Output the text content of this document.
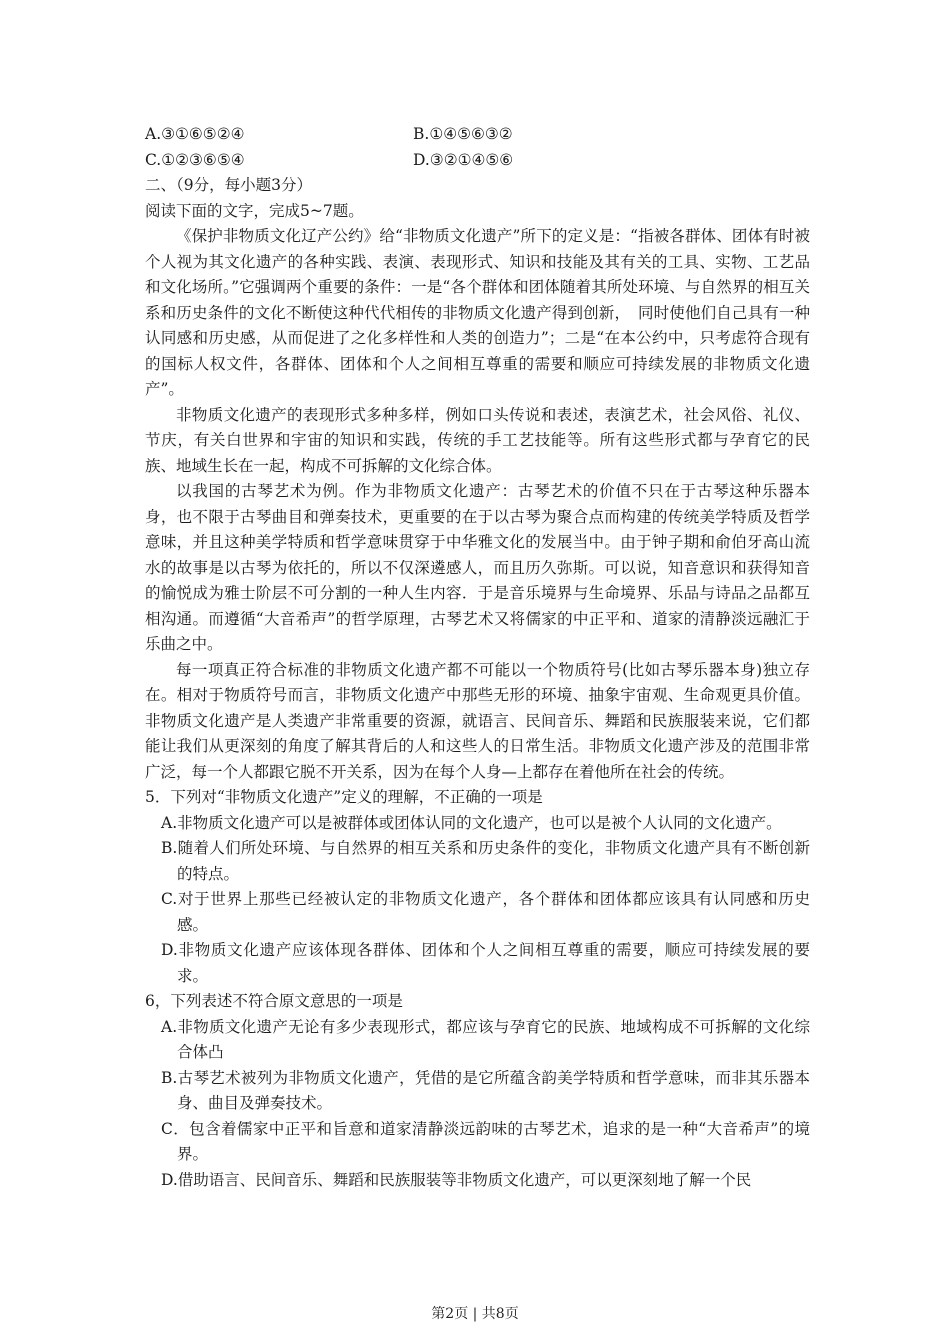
A.③①⑥⑤②④	B.①④⑤⑥③②
C.①②③⑥⑤④	D.③②①④⑤⑥

二、（9分，每小题3分）

阅读下面的文字，完成5~7题。

《保护非物质文化辽产公约》给“非物质文化遗产”所下的定义是：“指被各群体、团体有时被个人视为其文化遗产的各种实践、表演、表现形式、知识和技能及其有关的工具、实物、工艺品和文化场所。”它强调两个重要的条件：一是“各个群体和团体随着其所处环境、与自然界的相互关系和历史条件的文化不断使这种代代相传的非物质文化遗产得到创新，　同时使他们自己具有一种认同感和历史感，从而促进了之化多样性和人类的创造力”；二是“在本公约中，只考虑符合现有的国标人权文件，各群体、团体和个人之间相互尊重的需要和顺应可持续发展的非物质文化遗产”。

非物质文化遗产的表现形式多种多样，例如口头传说和表述，表演艺术，社会风俗、礼仪、节庆，有关白世界和宇宙的知识和实践，传统的手工艺技能等。所有这些形式都与孕育它的民族、地域生长在一起，构成不可拆解的文化综合体。

以我国的古琴艺术为例。作为非物质文化遗产：古琴艺术的价值不只在于古琴这种乐器本身，也不限于古琴曲目和弹奏技术，更重要的在于以古琴为聚合点而构建的传统美学特质及哲学意味，并且这种美学特质和哲学意味贯穿于中华雅文化的发展当中。由于钟子期和俞伯牙高山流水的故事是以古琴为依托的，所以不仅深遴感人，而且历久弥斯。可以说，知音意识和获得知音的愉悦成为雅士阶层不可分割的一种人生内容．于是音乐境界与生命境界、乐品与诗品之品都互相沟通。而遵循“大音希声”的哲学原理，古琴艺术又将儒家的中正平和、道家的清静淡远融汇于乐曲之中。

每一项真正符合标准的非物质文化遗产都不可能以一个物质符号(比如古琴乐器本身)独立存在。相对于物质符号而言，非物质文化遗产中那些无形的环境、抽象宇宙观、生命观更具价值。非物质文化遗产是人类遗产非常重要的资源，就语言、民间音乐、舞蹈和民族服装来说，它们都能让我们从更深刻的角度了解其背后的人和这些人的日常生活。非物质文化遗产涉及的范围非常广泛，每一个人都跟它脱不开关系，因为在每个人身—上都存在着他所在社会的传统。

5．下列对“非物质文化遗产”定义的理解，不正确的一项是

A.非物质文化遗产可以是被群体或团体认同的文化遗产，也可以是被个人认同的文化遗产。

B.随着人们所处环境、与自然界的相互关系和历史条件的变化，非物质文化遗产具有不断创新的特点。

C.对于世界上那些已经被认定的非物质文化遗产，各个群体和团体都应该具有认同感和历史感。

D.非物质文化遗产应该体现各群体、团体和个人之间相互尊重的需要，顺应可持续发展的要求。

6，下列表述不符合原文意思的一项是

A.非物质文化遗产无论有多少表现形式，都应该与孕育它的民族、地域构成不可拆解的文化综合体凸

B.古琴艺术被列为非物质文化遗产，凭借的是它所蕴含韵美学特质和哲学意味，而非其乐器本身、曲目及弹奏技术。

C．包含着儒家中正平和旨意和道家清静淡远韵味的古琴艺术，追求的是一种“大音希声”的境界。

D.借助语言、民间音乐、舞蹈和民族服装等非物质文化遗产，可以更深刻地了解一个民

第2页 | 共8页
